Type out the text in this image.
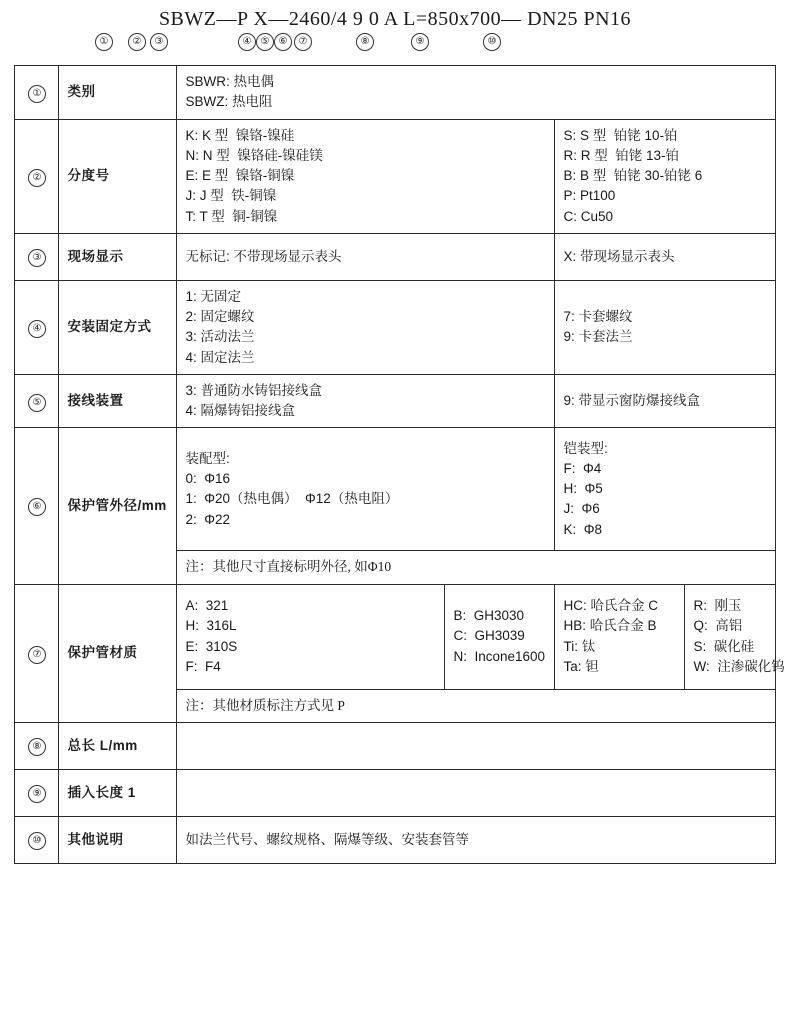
SBWZ—P X—2460/4 9 0 A L=850x700— DN25 PN16
①	②	③	④ ⑤ ⑥	⑦	⑧	⑨	⑩
①	类别	SBWR: 热电偶
SBWZ: 热电阻			

②	分度号	
K: K 型  镍铬-镍硅
N: N 型  镍铬硅-镍硅镁
E: E 型  镍铬-铜镍
J: J 型  铁-铜镍
T: T 型  铜-铜镍

S: S 型  铂铑 10-铂
R: R 型  铂铑 13-铂
B: B 型  铂铑 30-铂铑 6
P: Pt100
C: Cu50

③	现场显示	无标记: 不带现场显示表头		X: 带现场显示表头	

④	安装固定方式	
1: 无固定
2: 固定螺纹
3: 活动法兰
4: 固定法兰

7: 卡套螺纹
9: 卡套法兰

⑤	接线装置	3: 普通防水铸铝接线盒
4: 隔爆铸铝接线盒		9: 带显示窗防爆接线盒	

⑥	保护管外径/mm	
装配型:
0:  Φ16
1:  Φ20（热电偶）  Φ12（热电阻）
2:  Φ22

铠装型:
F:  Φ4
H:  Φ5
J:  Φ6
K:  Φ8

		注：其他尺寸直接标明外径, 如Φ10			
⑦	保护管材质	
A:  321
H:  316L
E:  310S
F:  F4

B:  GH3030
C:  GH3039
N:  Incone1600

HC: 哈氏合金 C
HB: 哈氏合金 B
Ti: 钛
Ta: 钽

R:  刚玉
Q:  高铝
S:  碳化硅
W:  注渗碳化钨

		注：其他材质标注方式见 P			
⑧	总长 L/mm				
⑨	插入长度 1				
⑩	其他说明	如法兰代号、螺纹规格、隔爆等级、安装套管等			
